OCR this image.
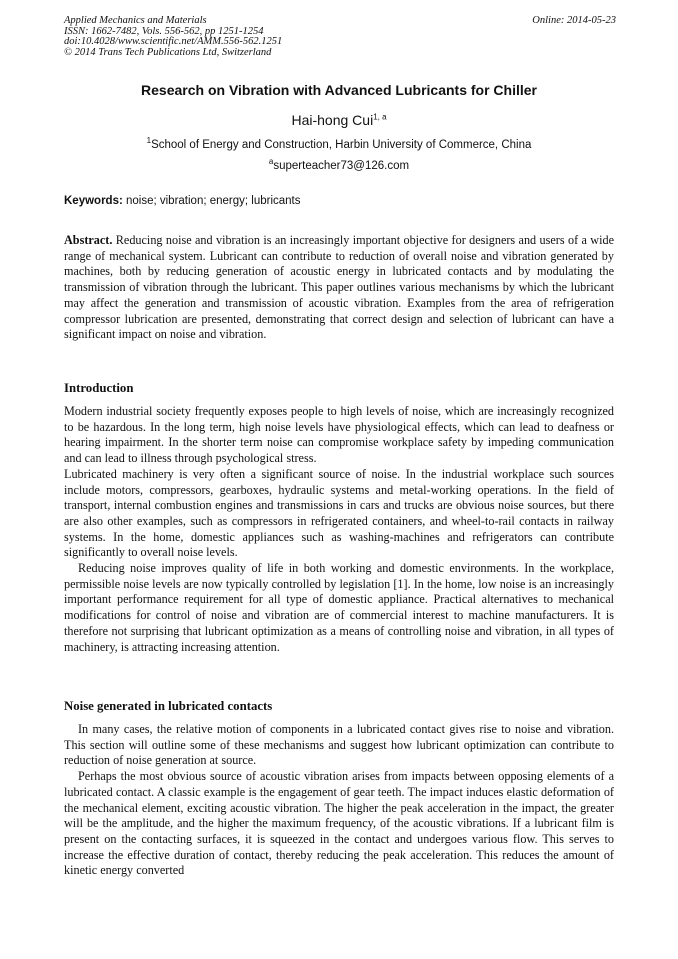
Applied Mechanics and Materials
ISSN: 1662-7482, Vols. 556-562, pp 1251-1254
doi:10.4028/www.scientific.net/AMM.556-562.1251
© 2014 Trans Tech Publications Ltd, Switzerland
Online: 2014-05-23
Research on Vibration with Advanced Lubricants for Chiller
Hai-hong Cui$^{1, a}$
$^1$School of Energy and Construction, Harbin University of Commerce, China
$^a$superteacher73@126.com
Keywords: noise; vibration; energy; lubricants

Abstract. Reducing noise and vibration is an increasingly important objective for designers and users of a wide range of mechanical system. Lubricant can contribute to reduction of overall noise and vibration generated by machines, both by reducing generation of acoustic energy in lubricated contacts and by modulating the transmission of vibration through the lubricant. This paper outlines various mechanisms by which the lubricant may affect the generation and transmission of acoustic vibration. Examples from the area of refrigeration compressor lubrication are presented, demonstrating that correct design and selection of lubricant can have a significant impact on noise and vibration.

Introduction

Modern industrial society frequently exposes people to high levels of noise, which are increasingly recognized to be hazardous. In the long term, high noise levels have physiological effects, which can lead to deafness or hearing impairment. In the shorter term noise can compromise workplace safety by impeding communication and can lead to illness through psychological stress.

Lubricated machinery is very often a significant source of noise. In the industrial workplace such sources include motors, compressors, gearboxes, hydraulic systems and metal-working operations. In the field of transport, internal combustion engines and transmissions in cars and trucks are obvious noise sources, but there are also other examples, such as compressors in refrigerated containers, and wheel-to-rail contacts in railway systems. In the home, domestic appliances such as washing-machines and refrigerators can contribute significantly to overall noise levels.

Reducing noise improves quality of life in both working and domestic environments. In the workplace, permissible noise levels are now typically controlled by legislation [1]. In the home, low noise is an increasingly important performance requirement for all type of domestic appliance. Practical alternatives to mechanical modifications for control of noise and vibration are of commercial interest to machine manufacturers. It is therefore not surprising that lubricant optimization as a means of controlling noise and vibration, in all types of machinery, is attracting increasing attention.

Noise generated in lubricated contacts

In many cases, the relative motion of components in a lubricated contact gives rise to noise and vibration. This section will outline some of these mechanisms and suggest how lubricant optimization can contribute to reduction of noise generation at source.

Perhaps the most obvious source of acoustic vibration arises from impacts between opposing elements of a lubricated contact. A classic example is the engagement of gear teeth. The impact induces elastic deformation of the mechanical element, exciting acoustic vibration. The higher the peak acceleration in the impact, the greater will be the amplitude, and the higher the maximum frequency, of the acoustic vibrations. If a lubricant film is present on the contacting surfaces, it is squeezed in the contact and undergoes various flow. This serves to increase the effective duration of contact, thereby reducing the peak acceleration. This reduces the amount of kinetic energy converted
